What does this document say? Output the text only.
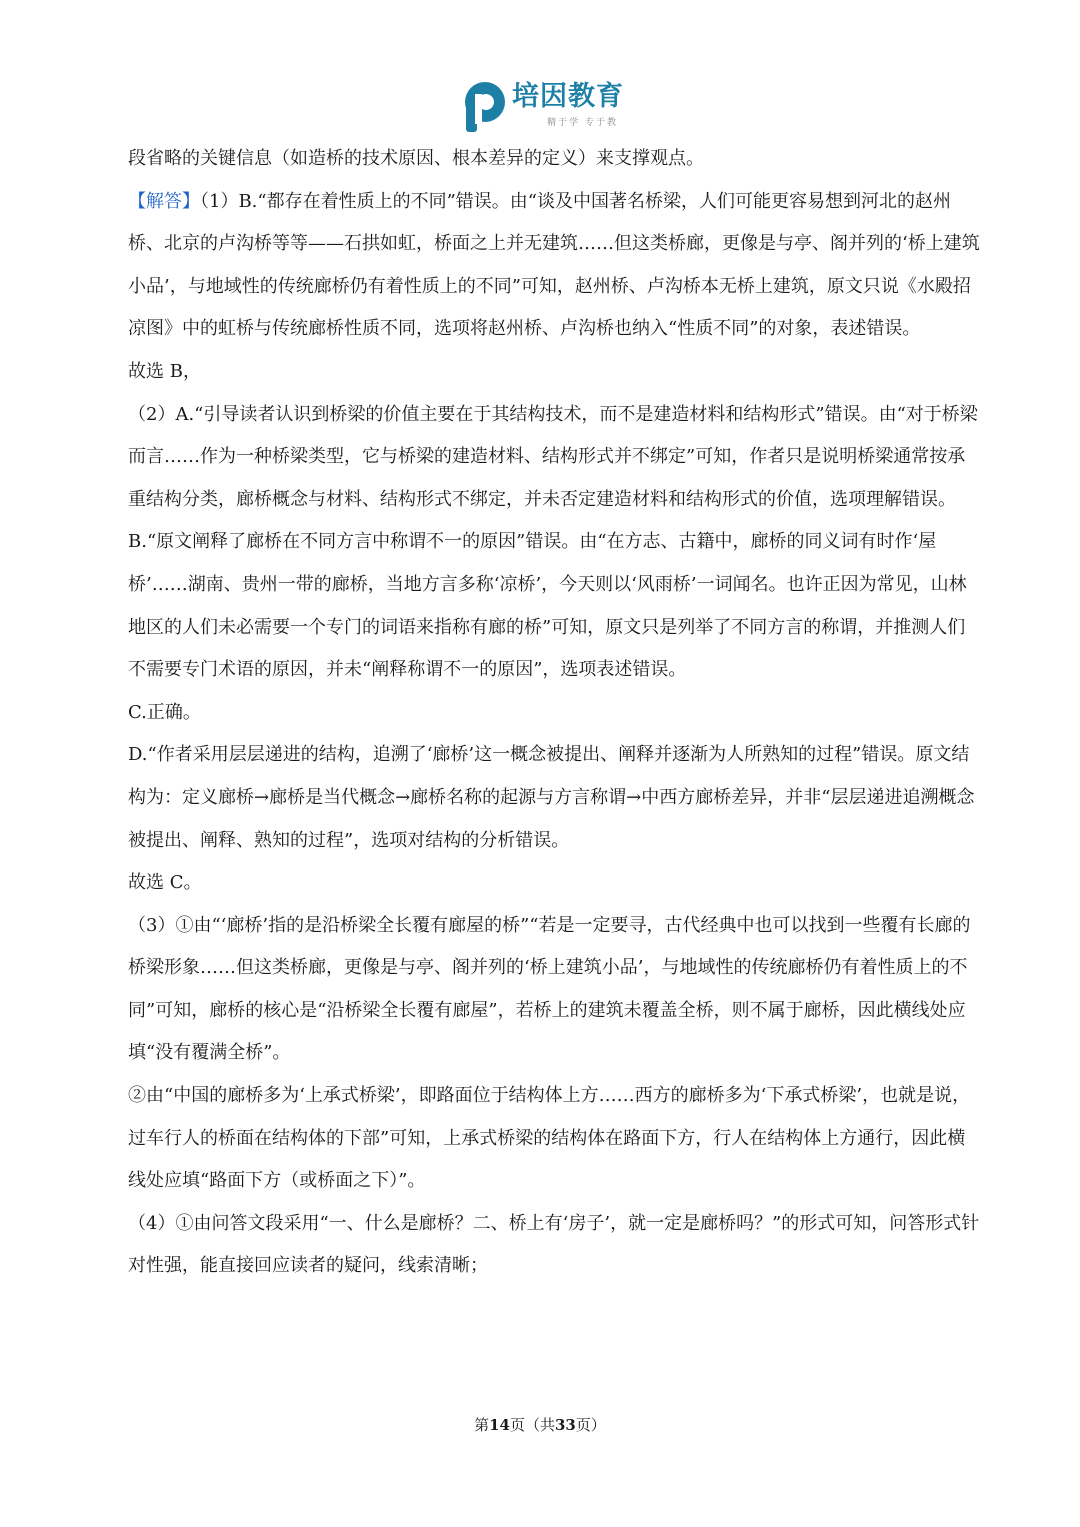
培因教育
精于学 专于教

段省略的关键信息（如造桥的技术原因、根本差异的定义）来支撑观点。

【解答】（1）B.“都存在着性质上的不同”错误。由“谈及中国著名桥梁，人们可能更容易想到河北的赵州桥、北京的卢沟桥等等——石拱如虹，桥面之上并无建筑……但这类桥廊，更像是与亭、阁并列的‘桥上建筑小品’，与地域性的传统廊桥仍有着性质上的不同”可知，赵州桥、卢沟桥本无桥上建筑，原文只说《水殿招凉图》中的虹桥与传统廊桥性质不同，选项将赵州桥、卢沟桥也纳入“性质不同”的对象，表述错误。

故选 B，

（2）A.“引导读者认识到桥梁的价值主要在于其结构技术，而不是建造材料和结构形式”错误。由“对于桥梁而言……作为一种桥梁类型，它与桥梁的建造材料、结构形式并不绑定”可知，作者只是说明桥梁通常按承重结构分类，廊桥概念与材料、结构形式不绑定，并未否定建造材料和结构形式的价值，选项理解错误。

B.“原文阐释了廊桥在不同方言中称谓不一的原因”错误。由“在方志、古籍中，廊桥的同义词有时作‘屋桥’……湖南、贵州一带的廊桥，当地方言多称‘凉桥’，今天则以‘风雨桥’一词闻名。也许正因为常见，山林地区的人们未必需要一个专门的词语来指称有廊的桥”可知，原文只是列举了不同方言的称谓，并推测人们不需要专门术语的原因，并未“阐释称谓不一的原因”，选项表述错误。

C.正确。

D.“作者采用层层递进的结构，追溯了‘廊桥’这一概念被提出、阐释并逐渐为人所熟知的过程”错误。原文结构为：定义廊桥→廊桥是当代概念→廊桥名称的起源与方言称谓→中西方廊桥差异，并非“层层递进追溯概念被提出、阐释、熟知的过程”，选项对结构的分析错误。

故选 C。

（3）①由“‘廊桥’指的是沿桥梁全长覆有廊屋的桥”“若是一定要寻，古代经典中也可以找到一些覆有长廊的桥梁形象……但这类桥廊，更像是与亭、阁并列的‘桥上建筑小品’，与地域性的传统廊桥仍有着性质上的不同”可知，廊桥的核心是“沿桥梁全长覆有廊屋”，若桥上的建筑未覆盖全桥，则不属于廊桥，因此横线处应填“没有覆满全桥”。

②由“中国的廊桥多为‘上承式桥梁’，即路面位于结构体上方……西方的廊桥多为‘下承式桥梁’，也就是说，过车行人的桥面在结构体的下部”可知，上承式桥梁的结构体在路面下方，行人在结构体上方通行，因此横线处应填“路面下方（或桥面之下）”。

（4）①由问答文段采用“一、什么是廊桥？二、桥上有‘房子’，就一定是廊桥吗？”的形式可知，问答形式针对性强，能直接回应读者的疑问，线索清晰；

第14页（共33页）
